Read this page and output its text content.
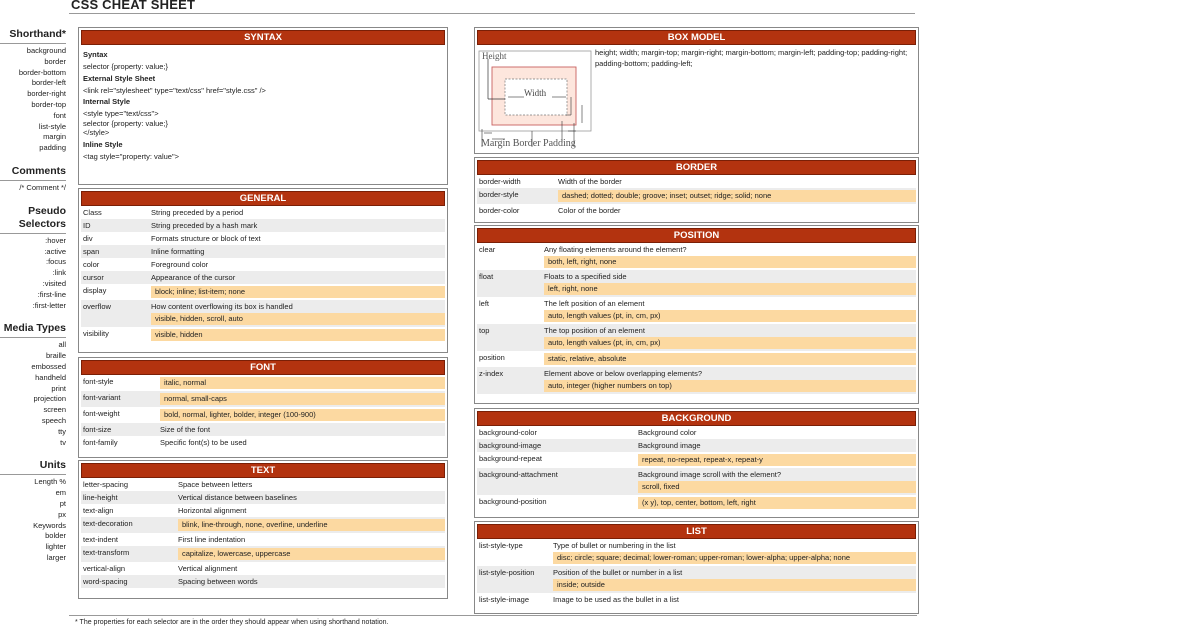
CSS CHEAT SHEET
Shorthand*
background
border
border-bottom
border-left
border-right
border-top
font
list-style
margin
padding
Comments
/* Comment */
Pseudo Selectors
:hover
:active
:focus
:link
:visited
:first-line
:first-letter
Media Types
all
braille
embossed
handheld
print
projection
screen
speech
tty
tv
Units
Length %
em
pt
px
Keywords
bolder
lighter
larger
SYNTAX
Syntax
selector {property: value;}
External Style Sheet
<link rel="stylesheet" type="text/css" href="style.css" />
Internal Style
<style type="text/css">
selector {property: value;}
</style>
Inline Style
<tag style="property: value">
GENERAL
Class	String preceded by a period
ID	String preceded by a hash mark
div	Formats structure or block of text
span	Inline formatting
color	Foreground color
cursor	Appearance of the cursor
display	block; inline; list-item; none
overflow	How content overflowing its box is handled
visible, hidden, scroll, auto
visibility	visible, hidden
FONT
font-style	italic, normal
font-variant	normal, small-caps
font-weight	bold, normal, lighter, bolder, integer (100-900)
font-size	Size of the font
font-family	Specific font(s) to be used
TEXT
letter-spacing	Space between letters
line-height	Vertical distance between baselines
text-align	Horizontal alignment
text-decoration	blink, line-through, none, overline, underline
text-indent	First line indentation
text-transform	capitalize, lowercase, uppercase
vertical-align	Vertical alignment
word-spacing	Spacing between words
BOX MODEL
Height
Width
Margin Border Padding
height; width; margin-top; margin-right; margin-bottom; margin-left; padding-top; padding-right; padding-bottom; padding-left;
BORDER
border-width	Width of the border
border-style	dashed; dotted; double; groove; inset; outset; ridge; solid; none
border-color	Color of the border
POSITION
clear	Any floating elements around the element?
both, left, right, none
float	Floats to a specified side
left, right, none
left	The left position of an element
auto, length values (pt, in, cm, px)
top	The top position of an element
auto, length values (pt, in, cm, px)
position	static, relative, absolute
z-index	Element above or below overlapping elements?
auto, integer (higher numbers on top)
BACKGROUND
background-color	Background color
background-image	Background image
background-repeat	repeat, no-repeat, repeat-x, repeat-y
background-attachment	Background image scroll with the element?
scroll, fixed
background-position	(x y), top, center, bottom, left, right
LIST
list-style-type	Type of bullet or numbering in the list
disc; circle; square; decimal; lower-roman; upper-roman; lower-alpha; upper-alpha; none
list-style-position	Position of the bullet or number in a list
inside; outside
list-style-image	Image to be used as the bullet in a list
* The properties for each selector are in the order they should appear when using shorthand notation.
